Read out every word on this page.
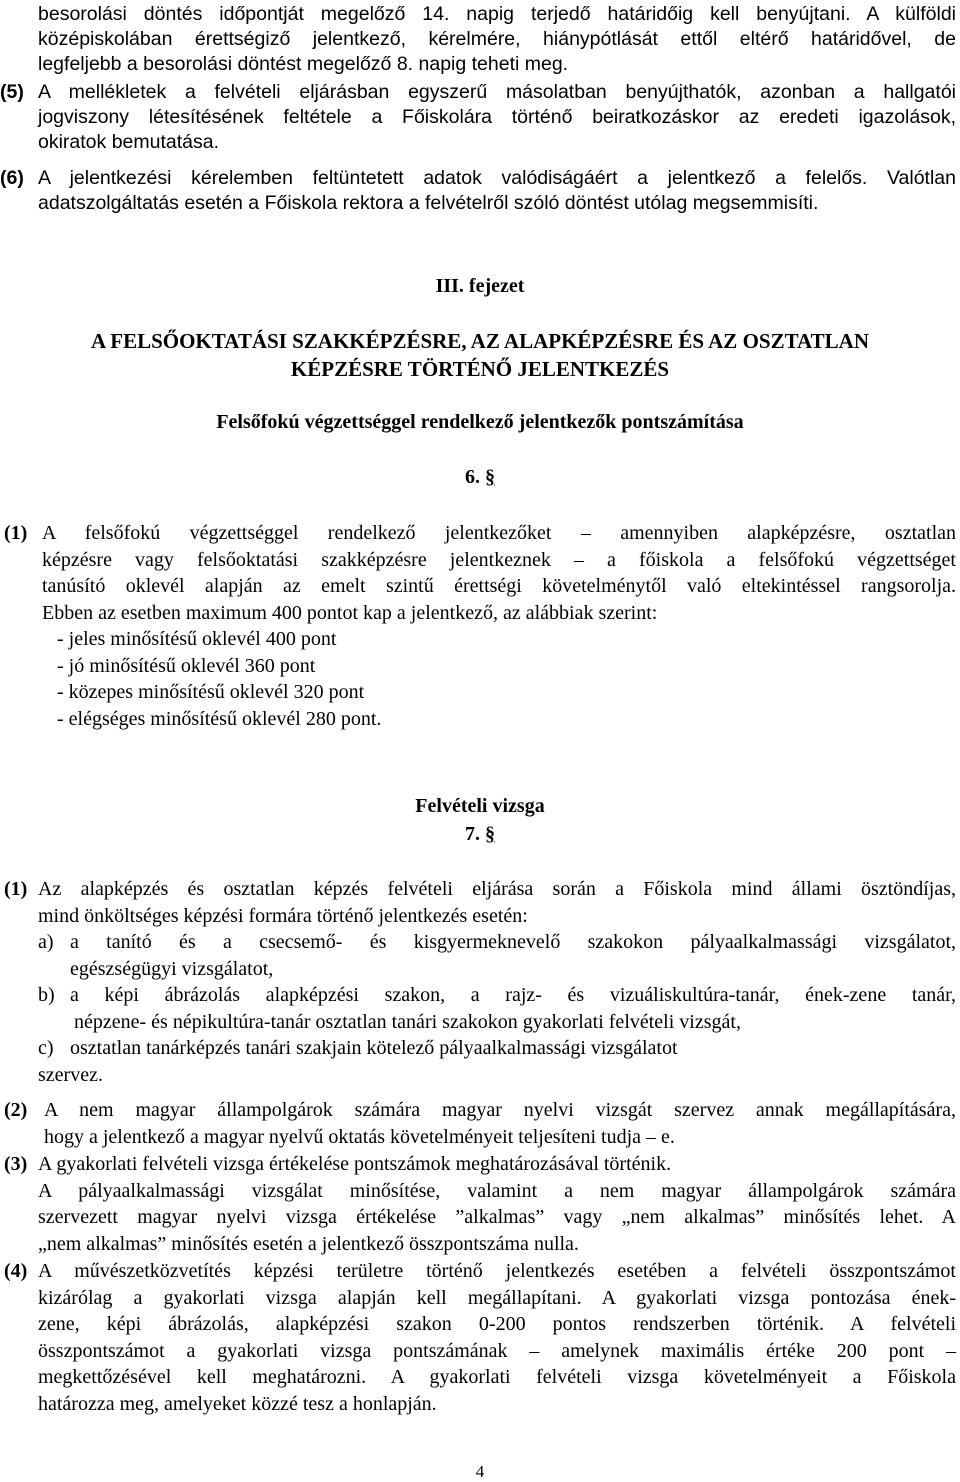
besorolási döntés időpontját megelőző 14. napig terjedő határidőig kell benyújtani. A külföldi
középiskolában érettségiző jelentkező, kérelmére, hiánypótlását ettől eltérő határidővel, de
legfeljebb a besorolási döntést megelőző 8. napig teheti meg.
(5) A mellékletek a felvételi eljárásban egyszerű másolatban benyújthatók, azonban a hallgatói
jogviszony létesítésének feltétele a Főiskolára történő beiratkozáskor az eredeti igazolások,
okiratok bemutatása.
(6) A jelentkezési kérelemben feltüntetett adatok valódiságáért a jelentkező a felelős. Valótlan
adatszolgáltatás esetén a Főiskola rektora a felvételről szóló döntést utólag megsemmisíti.

III. fejezet

A FELSŐOKTATÁSI SZAKKÉPZÉSRE, AZ ALAPKÉPZÉSRE ÉS AZ OSZTATLAN

KÉPZÉSRE TÖRTÉNŐ JELENTKEZÉS

Felsőfokú végzettséggel rendelkező jelentkezők pontszámítása

6. §

(1) A felsőfokú végzettséggel rendelkező jelentkezőket – amennyiben alapképzésre, osztatlan
képzésre vagy felsőoktatási szakképzésre jelentkeznek – a főiskola a felsőfokú végzettséget
tanúsító oklevél alapján az emelt szintű érettségi követelménytől való eltekintéssel rangsorolja.
Ebben az esetben maximum 400 pontot kap a jelentkező, az alábbiak szerint:
- jeles minősítésű oklevél 400 pont
- jó minősítésű oklevél 360 pont
- közepes minősítésű oklevél 320 pont
- elégséges minősítésű oklevél 280 pont.

Felvételi vizsga

7. §

(1) Az alapképzés és osztatlan képzés felvételi eljárása során a Főiskola mind állami ösztöndíjas,
mind önköltséges képzési formára történő jelentkezés esetén:
a) a tanító és a csecsemő- és kisgyermeknevelő szakokon pályaalkalmassági vizsgálatot,
egészségügyi vizsgálatot,
b) a képi ábrázolás alapképzési szakon, a rajz- és vizuáliskultúra-tanár, ének-zene tanár,
népzene- és népikultúra-tanár osztatlan tanári szakokon gyakorlati felvételi vizsgát,
c) osztatlan tanárképzés tanári szakjain kötelező pályaalkalmassági vizsgálatot
szervez.
(2) A nem magyar állampolgárok számára magyar nyelvi vizsgát szervez annak megállapítására,
hogy a jelentkező a magyar nyelvű oktatás követelményeit teljesíteni tudja – e.
(3) A gyakorlati felvételi vizsga értékelése pontszámok meghatározásával történik.
A pályaalkalmassági vizsgálat minősítése, valamint a nem magyar állampolgárok számára
szervezett magyar nyelvi vizsga értékelése ”alkalmas” vagy „nem alkalmas” minősítés lehet. A
„nem alkalmas” minősítés esetén a jelentkező összpontszáma nulla.
(4) A művészetközvetítés képzési területre történő jelentkezés esetében a felvételi összpontszámot
kizárólag a gyakorlati vizsga alapján kell megállapítani. A gyakorlati vizsga pontozása ének-
zene, képi ábrázolás, alapképzési szakon 0-200 pontos rendszerben történik. A felvételi
összpontszámot a gyakorlati vizsga pontszámának – amelynek maximális értéke 200 pont –
megkettőzésével kell meghatározni. A gyakorlati felvételi vizsga követelményeit a Főiskola
határozza meg, amelyeket közzé tesz a honlapján.

4
